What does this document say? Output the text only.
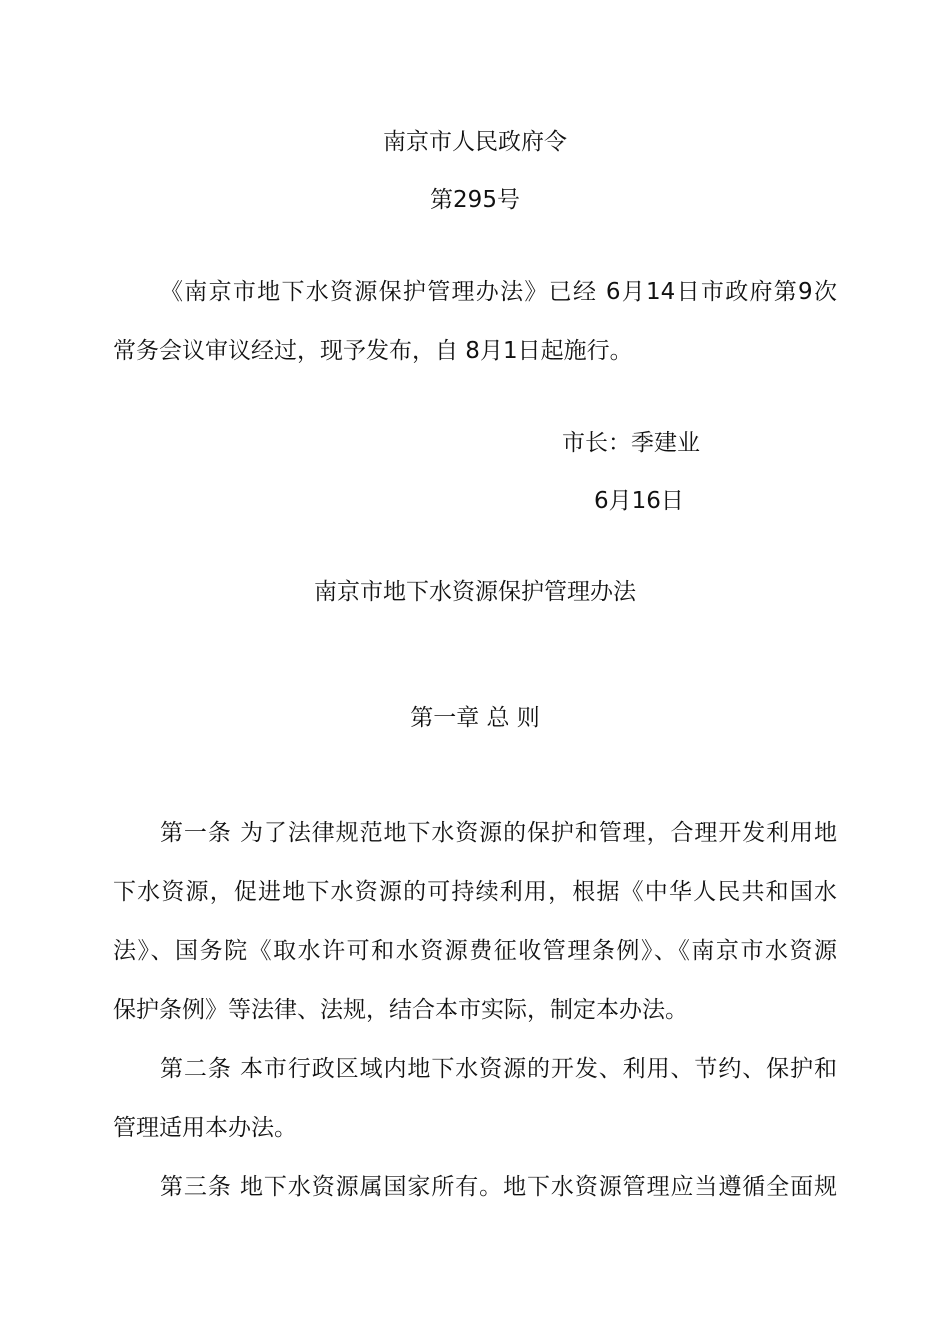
南京市人民政府令

第295号

《南京市地下水资源保护管理办法》已经 6月14日市政府第9次

常务会议审议经过，现予发布，自 8月1日起施行。

市长：季建业

6月16日

南京市地下水资源保护管理办法

第一章 总 则

第一条 为了法律规范地下水资源的保护和管理，合理开发利用地

下水资源，促进地下水资源的可持续利用，根据《中华人民共和国水

法》、国务院《取水许可和水资源费征收管理条例》、《南京市水资源

保护条例》等法律、法规，结合本市实际，制定本办法。

第二条 本市行政区域内地下水资源的开发、利用、节约、保护和

管理适用本办法。

第三条 地下水资源属国家所有。地下水资源管理应当遵循全面规
